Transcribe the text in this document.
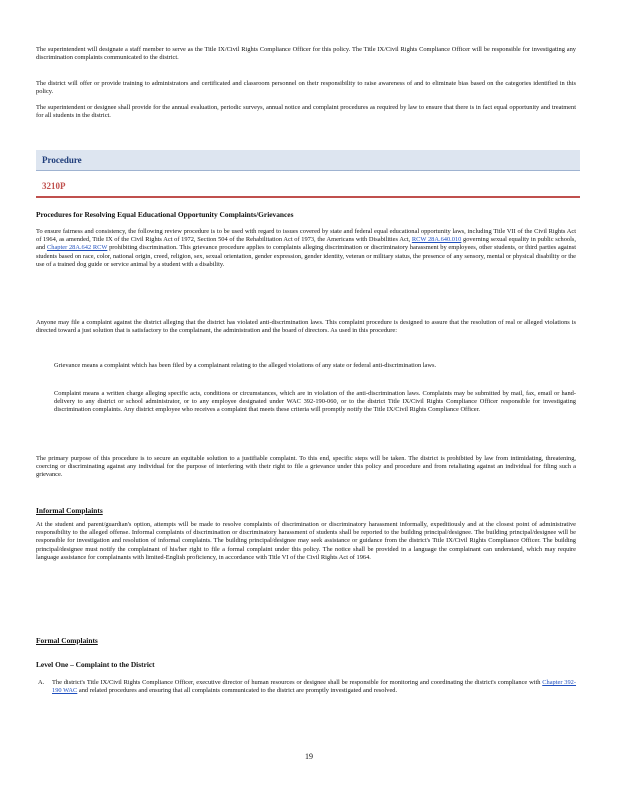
The superintendent will designate a staff member to serve as the Title IX/Civil Rights Compliance Officer for this policy. The Title IX/Civil Rights Compliance Officer will be responsible for investigating any discrimination complaints communicated to the district.
The district will offer or provide training to administrators and certificated and classroom personnel on their responsibility to raise awareness of and to eliminate bias based on the categories identified in this policy.
The superintendent or designee shall provide for the annual evaluation, periodic surveys, annual notice and complaint procedures as required by law to ensure that there is in fact equal opportunity and treatment for all students in the district.
Procedure
3210P
Procedures for Resolving Equal Educational Opportunity Complaints/Grievances
To ensure fairness and consistency, the following review procedure is to be used with regard to issues covered by state and federal equal educational opportunity laws, including Title VII of the Civil Rights Act of 1964, as amended, Title IX of the Civil Rights Act of 1972, Section 504 of the Rehabilitation Act of 1973, the Americans with Disabilities Act, RCW 28A.640.010 governing sexual equality in public schools, and Chapter 28A.642 RCW prohibiting discrimination. This grievance procedure applies to complaints alleging discrimination or discriminatory harassment by employees, other students, or third parties against students based on race, color, national origin, creed, religion, sex, sexual orientation, gender expression, gender identity, veteran or military status, the presence of any sensory, mental or physical disability or the use of a trained dog guide or service animal by a student with a disability.
Anyone may file a complaint against the district alleging that the district has violated anti-discrimination laws. This complaint procedure is designed to assure that the resolution of real or alleged violations is directed toward a just solution that is satisfactory to the complainant, the administration and the board of directors. As used in this procedure:
Grievance means a complaint which has been filed by a complainant relating to the alleged violations of any state or federal anti-discrimination laws.
Complaint means a written charge alleging specific acts, conditions or circumstances, which are in violation of the anti-discrimination laws. Complaints may be submitted by mail, fax, email or hand-delivery to any district or school administrator, or to any employee designated under WAC 392-190-060, or to the district Title IX/Civil Rights Compliance Officer responsible for investigating discrimination complaints. Any district employee who receives a complaint that meets these criteria will promptly notify the Title IX/Civil Rights Compliance Officer.
The primary purpose of this procedure is to secure an equitable solution to a justifiable complaint. To this end, specific steps will be taken. The district is prohibited by law from intimidating, threatening, coercing or discriminating against any individual for the purpose of interfering with their right to file a grievance under this policy and procedure and from retaliating against an individual for filing such a grievance.
Informal Complaints
At the student and parent/guardian's option, attempts will be made to resolve complaints of discrimination or discriminatory harassment informally, expeditiously and at the closest point of administrative responsibility to the alleged offense. Informal complaints of discrimination or discriminatory harassment of students shall be reported to the building principal/designee. The building principal/designee will be responsible for investigation and resolution of informal complaints. The building principal/designee may seek assistance or guidance from the district's Title IX/Civil Rights Compliance Officer. The building principal/designee must notify the complainant of his/her right to file a formal complaint under this policy. The notice shall be provided in a language the complainant can understand, which may require language assistance for complainants with limited-English proficiency, in accordance with Title VI of the Civil Rights Act of 1964.
Formal Complaints
Level One – Complaint to the District
A. The district's Title IX/Civil Rights Compliance Officer, executive director of human resources or designee shall be responsible for monitoring and coordinating the district's compliance with Chapter 392-190 WAC and related procedures and ensuring that all complaints communicated to the district are promptly investigated and resolved.
19
